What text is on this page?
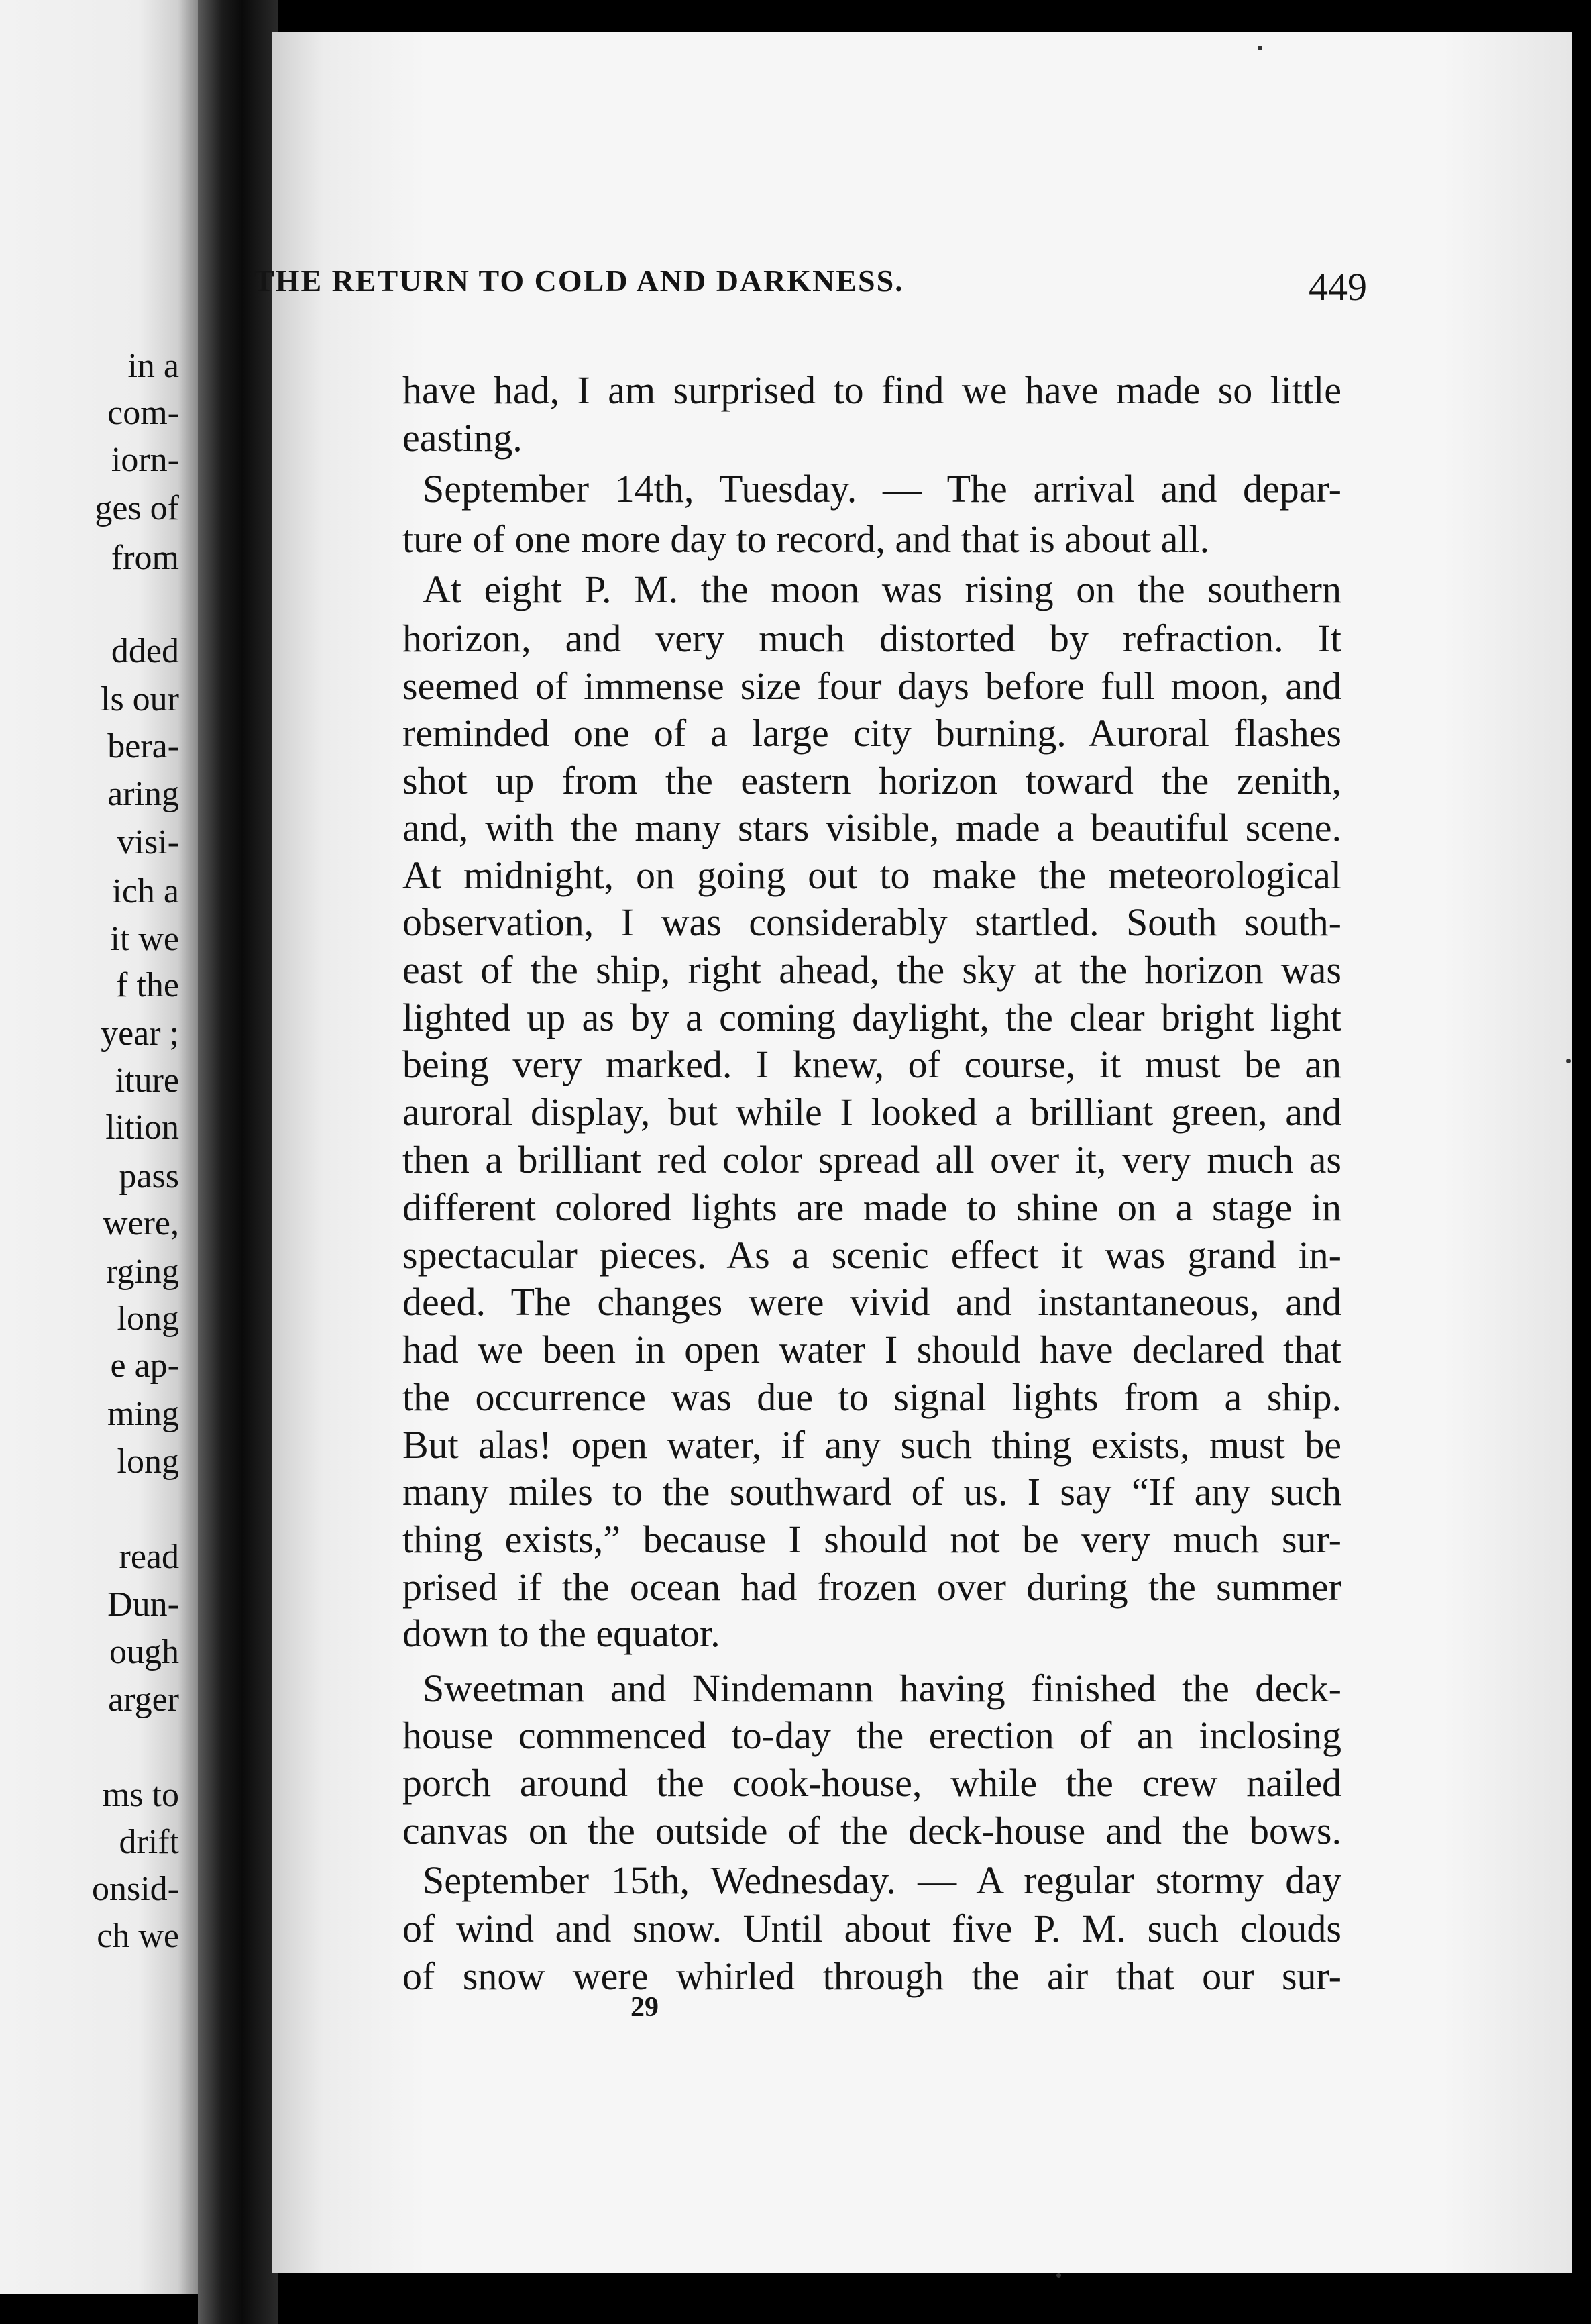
in a
com-
iorn-
ges of
from
dded
ls our
bera-
aring
visi-
ich a
it we
f the
year ;
iture
lition
pass
were,
rging
long
e ap-
ming
long
read
Dun-
ough
arger
ms to
drift
onsid-
ch we
THE RETURN TO COLD AND DARKNESS.	449
have had, I am surprised to find we have made so little
easting.
September 14th, Tuesday. — The arrival and depar-
ture of one more day to record, and that is about all.
At eight P. M. the moon was rising on the southern
horizon, and very much distorted by refraction. It
seemed of immense size four days before full moon, and
reminded one of a large city burning. Auroral flashes
shot up from the eastern horizon toward the zenith,
and, with the many stars visible, made a beautiful scene.
At midnight, on going out to make the meteorological
observation, I was considerably startled. South south-
east of the ship, right ahead, the sky at the horizon was
lighted up as by a coming daylight, the clear bright light
being very marked. I knew, of course, it must be an
auroral display, but while I looked a brilliant green, and
then a brilliant red color spread all over it, very much as
different colored lights are made to shine on a stage in
spectacular pieces. As a scenic effect it was grand in-
deed. The changes were vivid and instantaneous, and
had we been in open water I should have declared that
the occurrence was due to signal lights from a ship.
But alas! open water, if any such thing exists, must be
many miles to the southward of us. I say “If any such
thing exists,” because I should not be very much sur-
prised if the ocean had frozen over during the summer
down to the equator.
Sweetman and Nindemann having finished the deck-
house commenced to-day the erection of an inclosing
porch around the cook-house, while the crew nailed
canvas on the outside of the deck-house and the bows.
September 15th, Wednesday. — A regular stormy day
of wind and snow. Until about five P. M. such clouds
of snow were whirled through the air that our sur-
29
